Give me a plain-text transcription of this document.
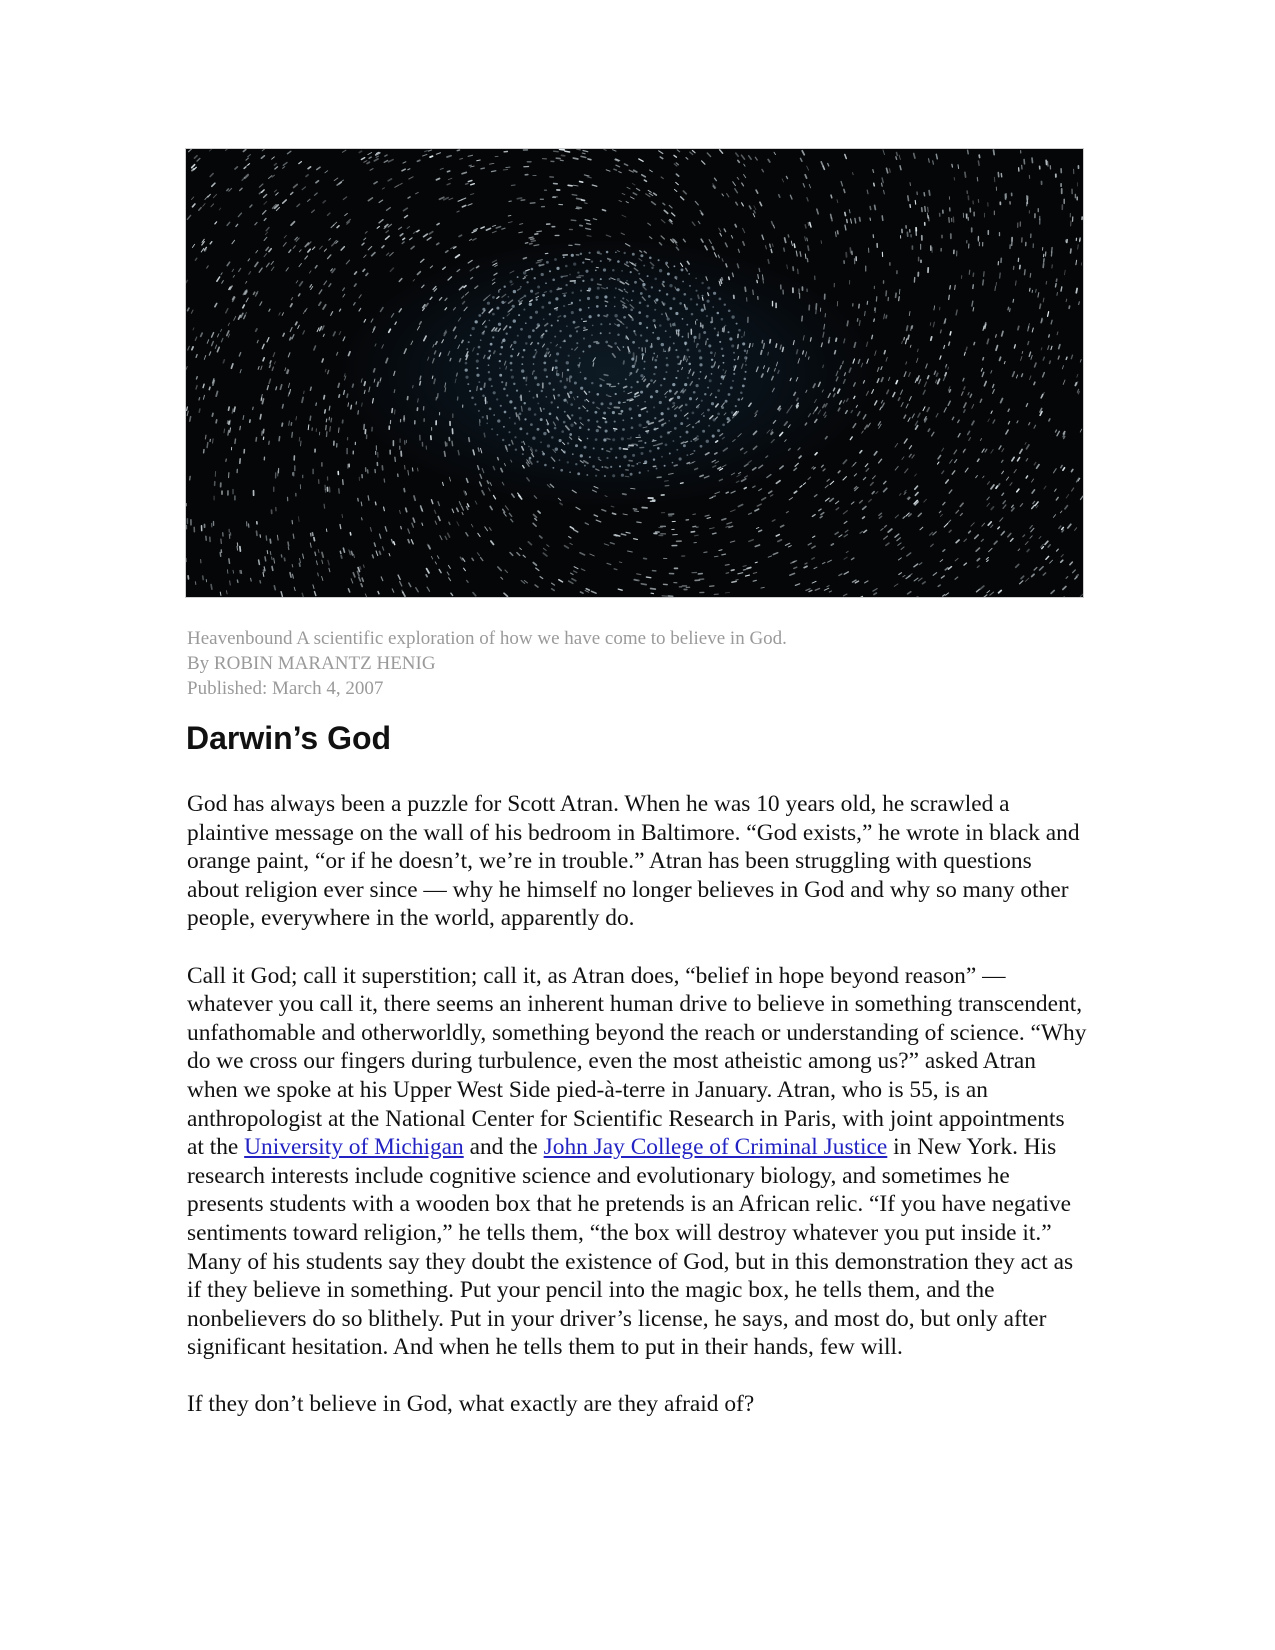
Heavenbound A scientific exploration of how we have come to believe in God.
By ROBIN MARANTZ HENIG
Published: March 4, 2007
Darwin’s God

God has always been a puzzle for Scott Atran. When he was 10 years old, he scrawled a plaintive message on the wall of his bedroom in Baltimore. “God exists,” he wrote in black and orange paint, “or if he doesn’t, we’re in trouble.” Atran has been struggling with questions about religion ever since — why he himself no longer believes in God and why so many other people, everywhere in the world, apparently do.

Call it God; call it superstition; call it, as Atran does, “belief in hope beyond reason” — whatever you call it, there seems an inherent human drive to believe in something transcendent, unfathomable and otherworldly, something beyond the reach or understanding of science. “Why do we cross our fingers during turbulence, even the most atheistic among us?” asked Atran when we spoke at his Upper West Side pied-à-terre in January. Atran, who is 55, is an anthropologist at the National Center for Scientific Research in Paris, with joint appointments at the University of Michigan and the John Jay College of Criminal Justice in New York. His research interests include cognitive science and evolutionary biology, and sometimes he presents students with a wooden box that he pretends is an African relic. “If you have negative sentiments toward religion,” he tells them, “the box will destroy whatever you put inside it.” Many of his students say they doubt the existence of God, but in this demonstration they act as if they believe in something. Put your pencil into the magic box, he tells them, and the nonbelievers do so blithely. Put in your driver’s license, he says, and most do, but only after significant hesitation. And when he tells them to put in their hands, few will.

If they don’t believe in God, what exactly are they afraid of?
